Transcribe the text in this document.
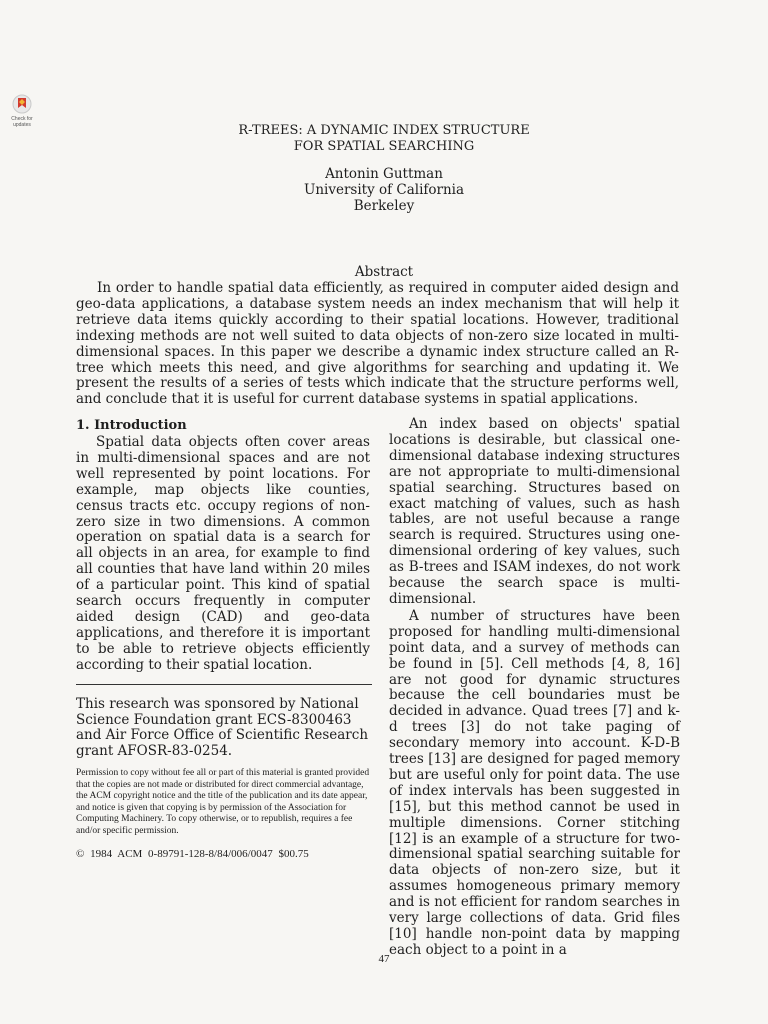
Check for updates	R-TREES: A DYNAMIC INDEX STRUCTURE
FOR SPATIAL SEARCHING
Antonin Guttman
University of California
Berkeley
Abstract

In order to handle spatial data efficiently, as required in computer aided design and geo-data applications, a database system needs an index mechanism that will help it retrieve data items quickly according to their spatial locations. However, traditional indexing methods are not well suited to data objects of non-zero size located in multi-dimensional spaces. In this paper we describe a dynamic index structure called an R-tree which meets this need, and give algorithms for searching and updating it. We present the results of a series of tests which indicate that the structure performs well, and conclude that it is useful for current database systems in spatial applications.

1. Introduction

Spatial data objects often cover areas in multi-dimensional spaces and are not well represented by point locations. For example, map objects like counties, census tracts etc. occupy regions of non-zero size in two dimensions. A common operation on spatial data is a search for all objects in an area, for example to find all counties that have land within 20 miles of a particular point. This kind of spatial search occurs frequently in computer aided design (CAD) and geo-data applications, and therefore it is important to be able to retrieve objects efficiently according to their spatial location.

This research was sponsored by National Science Foundation grant ECS-8300463 and Air Force Office of Scientific Research grant AFOSR-83-0254.

Permission to copy without fee all or part of this material is granted provided that the copies are not made or distributed for direct commercial advantage, the ACM copyright notice and the title of the publication and its date appear, and notice is given that copying is by permission of the Association for Computing Machinery. To copy otherwise, or to republish, requires a fee and/or specific permission.

© 1984 ACM 0-89791-128-8/84/006/0047 $00.75

An index based on objects' spatial locations is desirable, but classical one-dimensional database indexing structures are not appropriate to multi-dimensional spatial searching. Structures based on exact matching of values, such as hash tables, are not useful because a range search is required. Structures using one-dimensional ordering of key values, such as B-trees and ISAM indexes, do not work because the search space is multi-dimensional.

A number of structures have been proposed for handling multi-dimensional point data, and a survey of methods can be found in [5]. Cell methods [4, 8, 16] are not good for dynamic structures because the cell boundaries must be decided in advance. Quad trees [7] and k-d trees [3] do not take paging of secondary memory into account. K-D-B trees [13] are designed for paged memory but are useful only for point data. The use of index intervals has been suggested in [15], but this method cannot be used in multiple dimensions. Corner stitching [12] is an example of a structure for two-dimensional spatial searching suitable for data objects of non-zero size, but it assumes homogeneous primary memory and is not efficient for random searches in very large collections of data. Grid files [10] handle non-point data by mapping each object to a point in a

47
